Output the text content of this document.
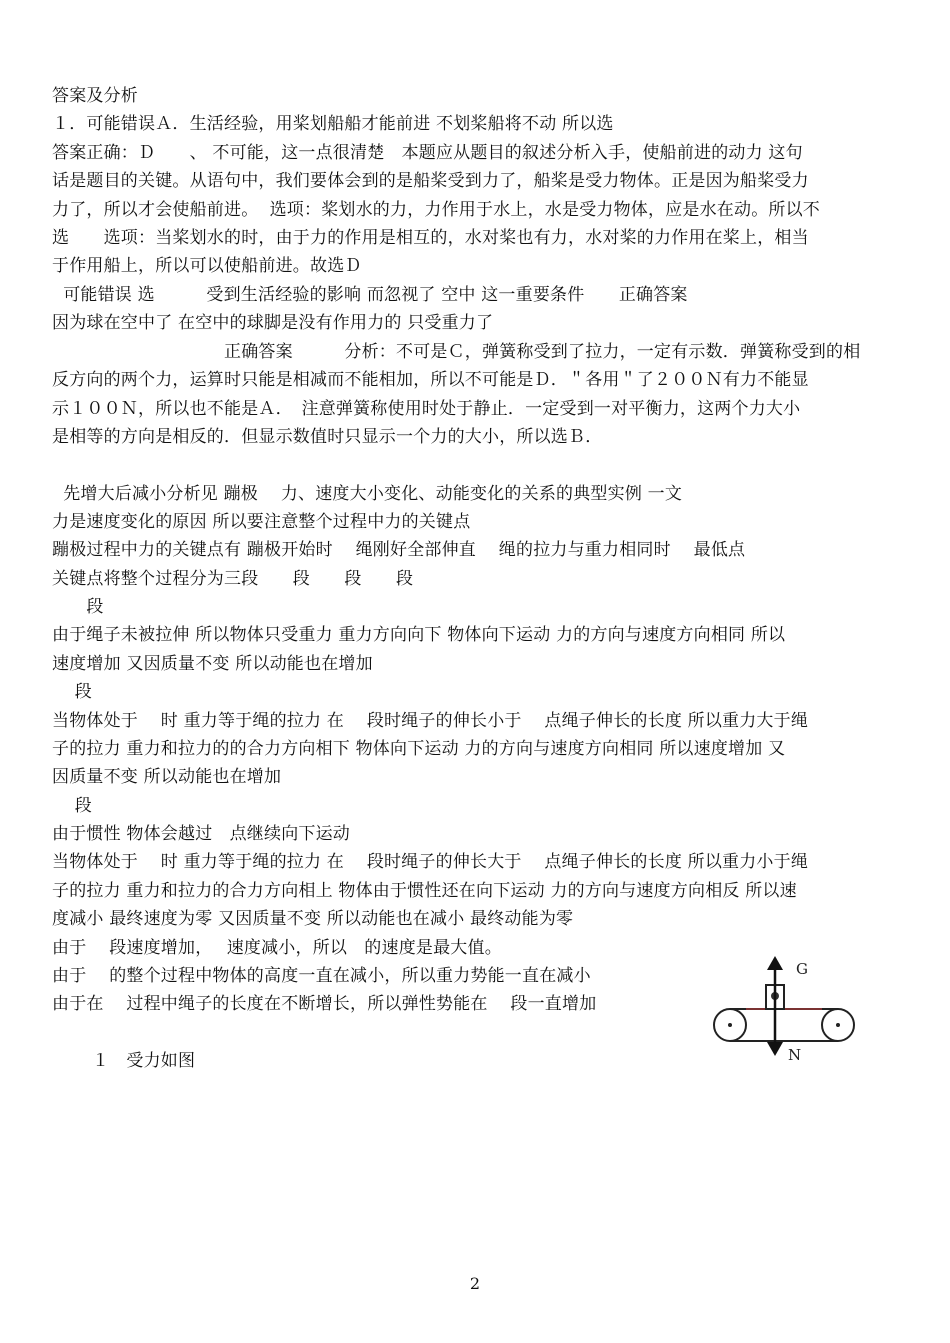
答案及分析
１．可能错误Ａ．生活经验，用桨划船船才能前进 不划桨船将不动 所以选
答案正确：Ｄ　　、 不可能，这一点很清楚　本题应从题目的叙述分析入手，使船前进的动力 这句
话是题目的关键。从语句中，我们要体会到的是船桨受到力了，船桨是受力物体。正是因为船桨受力
力了，所以才会使船前进。  选项：桨划水的力，力作用于水上，水是受力物体，应是水在动。所以不
选　　选项：当桨划水的时，由于力的作用是相互的，水对桨也有力，水对桨的力作用在桨上，相当
于作用船上，所以可以使船前进。故选Ｄ
可能错误 选　　　受到生活经验的影响 而忽视了 空中 这一重要条件　　正确答案
因为球在空中了 在空中的球脚是没有作用力的 只受重力了
　　　　　　　　　　正确答案　　　分析：不可是Ｃ，弹簧称受到了拉力，一定有示数．弹簧称受到的相
反方向的两个力，运算时只能是相减而不能相加，所以不可能是Ｄ．＂各用＂了２００Ｎ有力不能显
示１００Ｎ，所以也不能是Ａ．　注意弹簧称使用时处于静止．一定受到一对平衡力，这两个力大小
是相等的方向是相反的．但显示数值时只显示一个力的大小，所以选Ｂ．
先增大后减小分析见 蹦极　 力、速度大小变化、动能变化的关系的典型实例 一文
力是速度变化的原因 所以要注意整个过程中力的关键点
蹦极过程中力的关键点有 蹦极开始时　 绳刚好全部伸直　 绳的拉力与重力相同时　 最低点
关键点将整个过程分为三段　　段　　段　　段
　　段
由于绳子未被拉伸 所以物体只受重力 重力方向向下 物体向下运动 力的方向与速度方向相同 所以
速度增加 又因质量不变 所以动能也在增加
　 段
当物体处于　 时 重力等于绳的拉力 在　 段时绳子的伸长小于　 点绳子伸长的长度 所以重力大于绳
子的拉力 重力和拉力的的合力方向相下 物体向下运动 力的方向与速度方向相同 所以速度增加 又
因质量不变 所以动能也在增加
　 段
由于惯性 物体会越过　点继续向下运动
当物体处于　 时 重力等于绳的拉力 在　 段时绳子的伸长大于　 点绳子伸长的长度 所以重力小于绳
子的拉力 重力和拉力的合力方向相上 物体由于惯性还在向下运动 力的方向与速度方向相反 所以速
度减小 最终速度为零 又因质量不变 所以动能也在减小 最终动能为零
由于　 段速度增加，　 速度减小，所以　的速度是最大值。
由于　 的整个过程中物体的高度一直在减小，所以重力势能一直在减小
由于在　 过程中绳子的长度在不断增长，所以弹性势能在　 段一直增加
　　 １　受力如图
G
N
2
